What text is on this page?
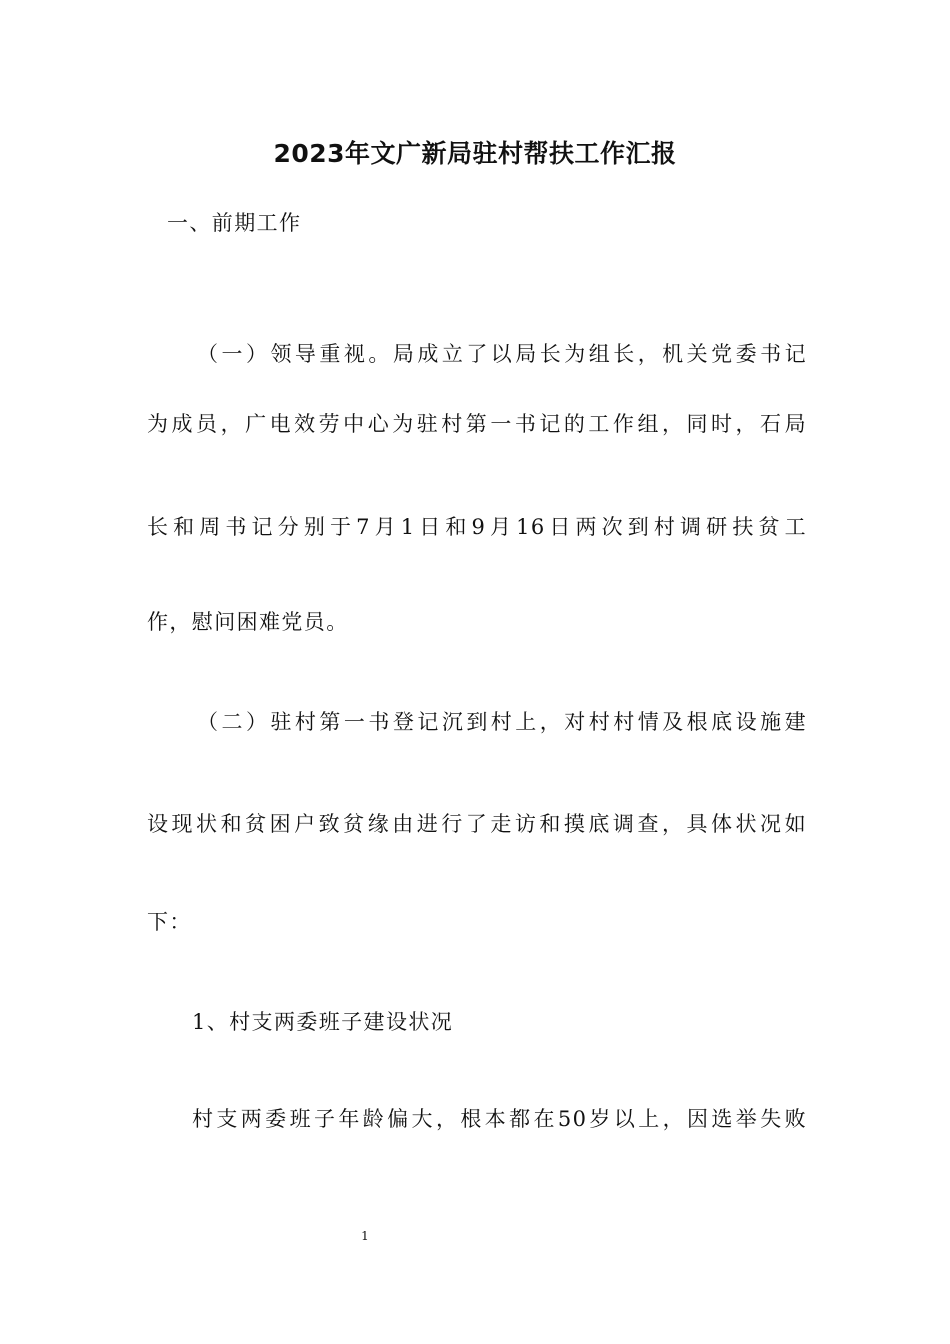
2023年文广新局驻村帮扶工作汇报
一、前期工作
（一）领导重视。局成立了以局长为组长，机关党委书记
为成员，广电效劳中心为驻村第一书记的工作组，同时，石局
长和周书记分别于7月1日和9月16日两次到村调研扶贫工
作，慰问困难党员。
（二）驻村第一书登记沉到村上，对村村情及根底设施建
设现状和贫困户致贫缘由进行了走访和摸底调查，具体状况如
下：
1、村支两委班子建设状况
村支两委班子年龄偏大，根本都在50岁以上，因选举失败
1
